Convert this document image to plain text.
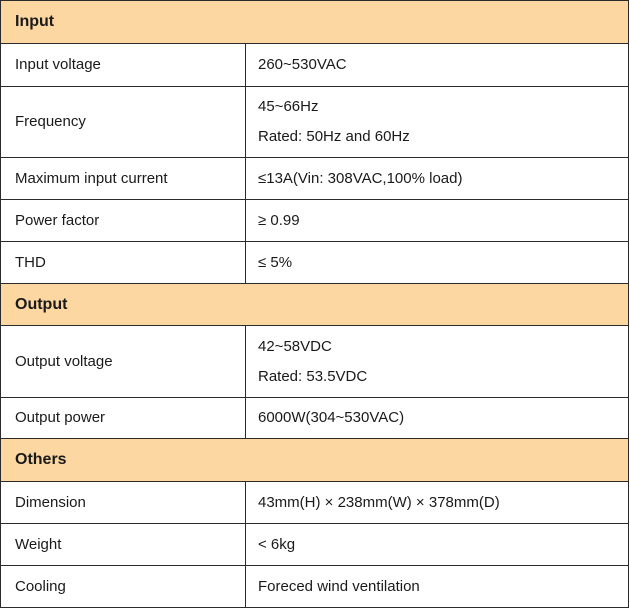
Input	
Input voltage	260~530VAC
Frequency	45~66Hz
Rated: 50Hz and 60Hz

Maximum input current	≤13A(Vin: 308VAC,100% load)
Power factor	≥ 0.99
THD	≤ 5%
Output	
Output voltage	42~58VDC
Rated: 53.5VDC

Output power	6000W(304~530VAC)
Others	
Dimension	43mm(H) × 238mm(W) × 378mm(D)
Weight	< 6kg
Cooling	Foreced wind ventilation
